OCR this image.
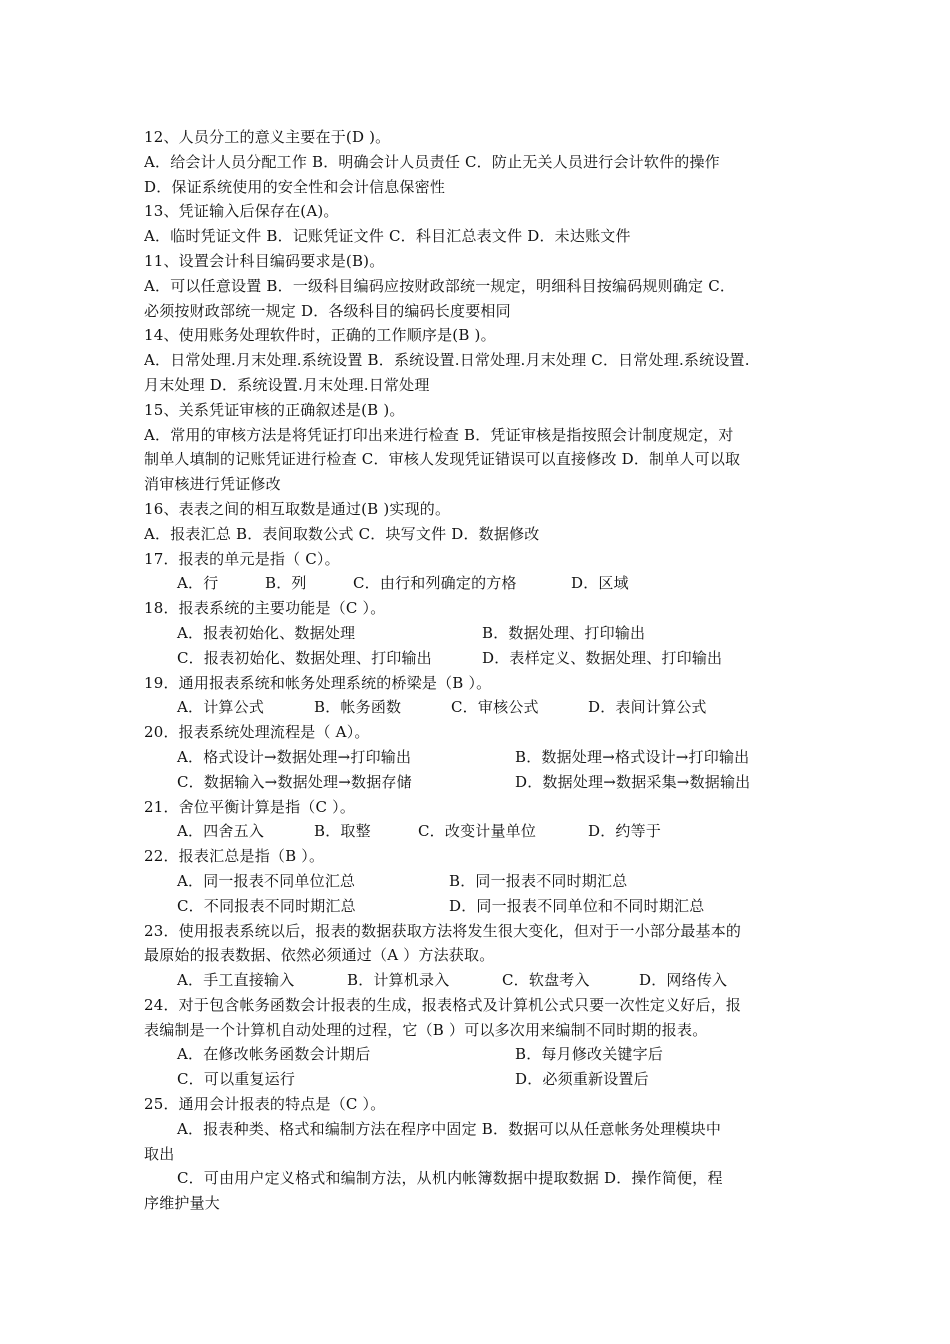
12、人员分工的意义主要在于(D )。
A．给会计人员分配工作 B．明确会计人员责任 C．防止无关人员进行会计软件的操作
D．保证系统使用的安全性和会计信息保密性
13、凭证输入后保存在(A)。
A．临时凭证文件 B．记账凭证文件 C．科目汇总表文件 D．未达账文件
11、设置会计科目编码要求是(B)。
A．可以任意设置 B．一级科目编码应按财政部统一规定，明细科目按编码规则确定 C．
必须按财政部统一规定 D．各级科目的编码长度要相同
14、使用账务处理软件时，正确的工作顺序是(B )。
A．日常处理.月末处理.系统设置 B．系统设置.日常处理.月末处理 C．日常处理.系统设置.
月末处理 D．系统设置.月末处理.日常处理
15、关系凭证审核的正确叙述是(B )。
A．常用的审核方法是将凭证打印出来进行检查 B．凭证审核是指按照会计制度规定，对
制单人填制的记账凭证进行检查 C．审核人发现凭证错误可以直接修改 D．制单人可以取
消审核进行凭证修改
16、表表之间的相互取数是通过(B )实现的。
A．报表汇总 B．表间取数公式 C．块写文件 D．数据修改
17．报表的单元是指（ C）。
A．行	B．列	C．由行和列确定的方格	D．区域
18．报表系统的主要功能是（C ）。
A．报表初始化、数据处理	B．数据处理、打印输出
C．报表初始化、数据处理、打印输出	D．表样定义、数据处理、打印输出
19．通用报表系统和帐务处理系统的桥梁是（B ）。
A．计算公式	B．帐务函数	C．审核公式	D．表间计算公式
20．报表系统处理流程是（ A）。
A．格式设计→数据处理→打印输出	B．数据处理→格式设计→打印输出
C．数据输入→数据处理→数据存储	D．数据处理→数据采集→数据输出
21．舍位平衡计算是指（C ）。
A．四舍五入	B．取整	C．改变计量单位	D．约等于
22．报表汇总是指（B ）。
A．同一报表不同单位汇总	B．同一报表不同时期汇总
C．不同报表不同时期汇总	D．同一报表不同单位和不同时期汇总
23．使用报表系统以后，报表的数据获取方法将发生很大变化，但对于一小部分最基本的
最原始的报表数据、依然必须通过（A ）方法获取。
A．手工直接输入	B．计算机录入	C．软盘考入	D．网络传入
24．对于包含帐务函数会计报表的生成，报表格式及计算机公式只要一次性定义好后，报
表编制是一个计算机自动处理的过程，它（B ）可以多次用来编制不同时期的报表。
A．在修改帐务函数会计期后	B．每月修改关键字后
C．可以重复运行	D．必须重新设置后
25．通用会计报表的特点是（C ）。
A．报表种类、格式和编制方法在程序中固定 B．数据可以从任意帐务处理模块中
取出
C．可由用户定义格式和编制方法，从机内帐簿数据中提取数据 D．操作简便，程
序维护量大
